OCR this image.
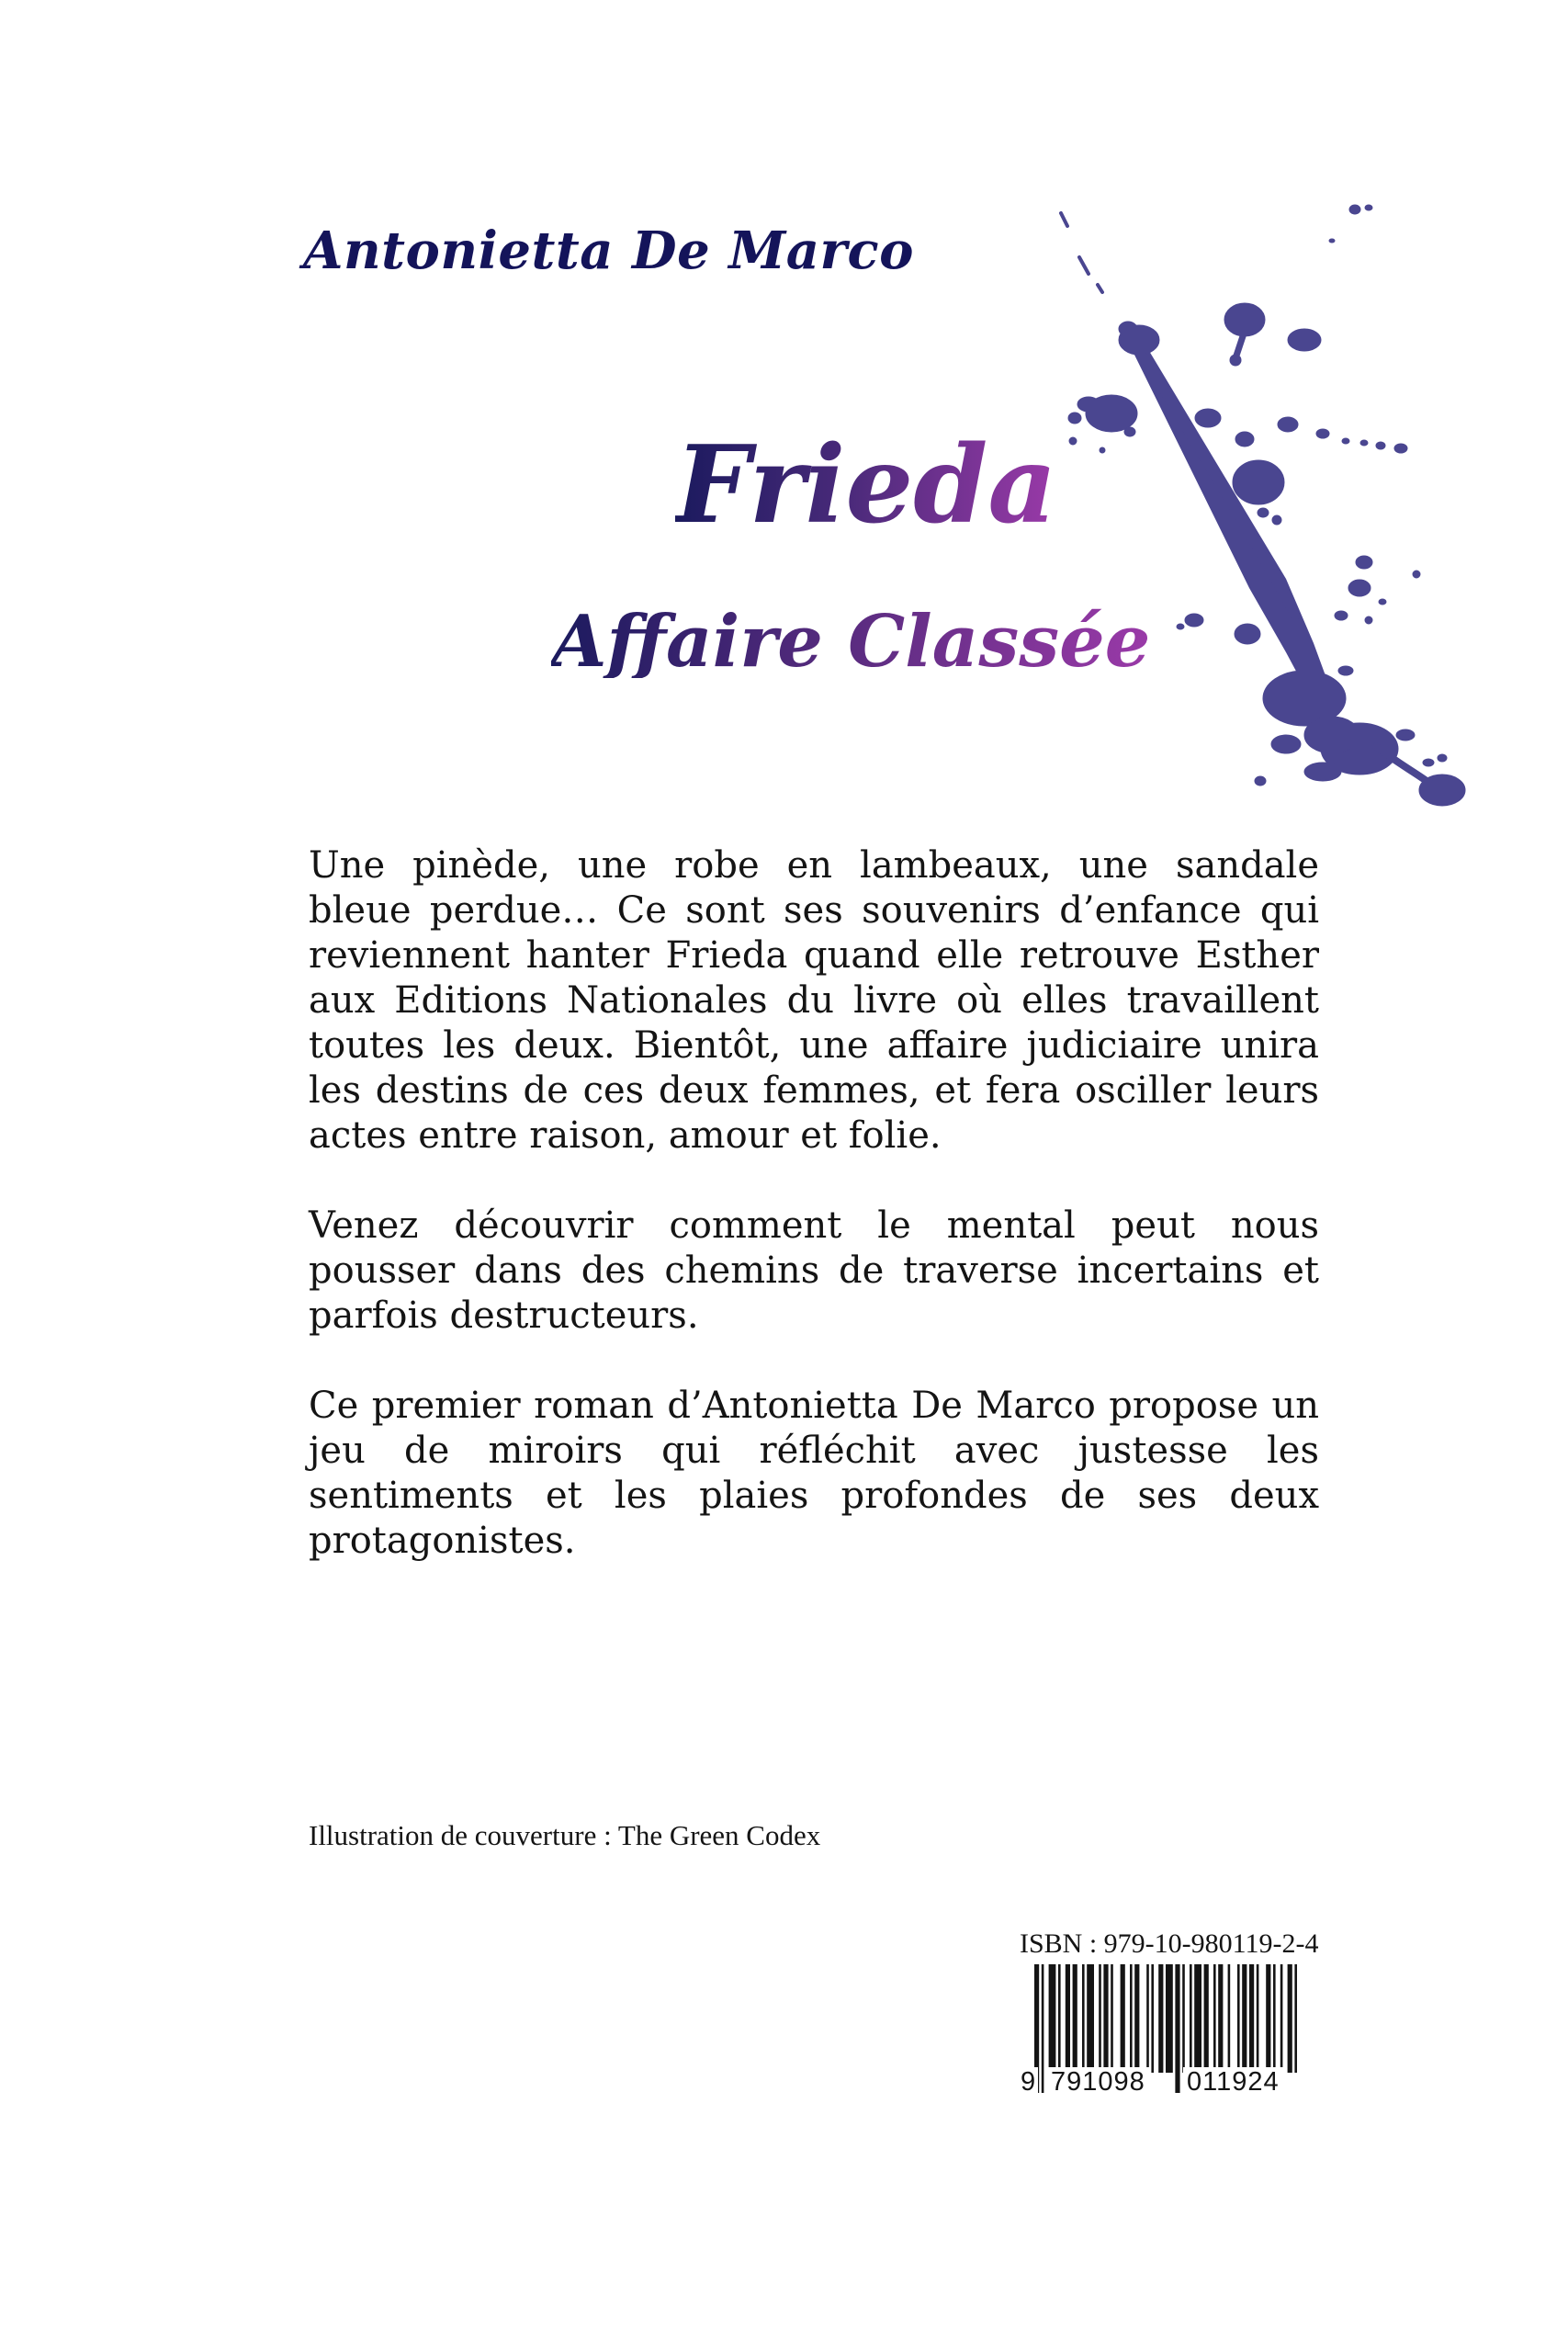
Antonietta De Marco
Frieda
Affaire Classée

Une pinède, une robe en lambeaux, une sandale bleue perdue… Ce sont ses souvenirs d’enfance qui reviennent hanter Frieda quand elle retrouve Esther aux Editions Nationales du livre où elles travaillent toutes les deux. Bientôt, une affaire judiciaire unira les destins de ces deux femmes, et fera osciller leurs actes entre raison, amour et folie.

Venez découvrir comment le mental peut nous pousser dans des chemins de traverse incertains et parfois destructeurs.

Ce premier roman d’Antonietta De Marco propose un jeu de miroirs qui réfléchit avec justesse les sentiments et les plaies profondes de ses deux protagonistes.

Illustration de couverture : The Green Codex
ISBN : 979-10-980119-2-4
9 791098 011924
